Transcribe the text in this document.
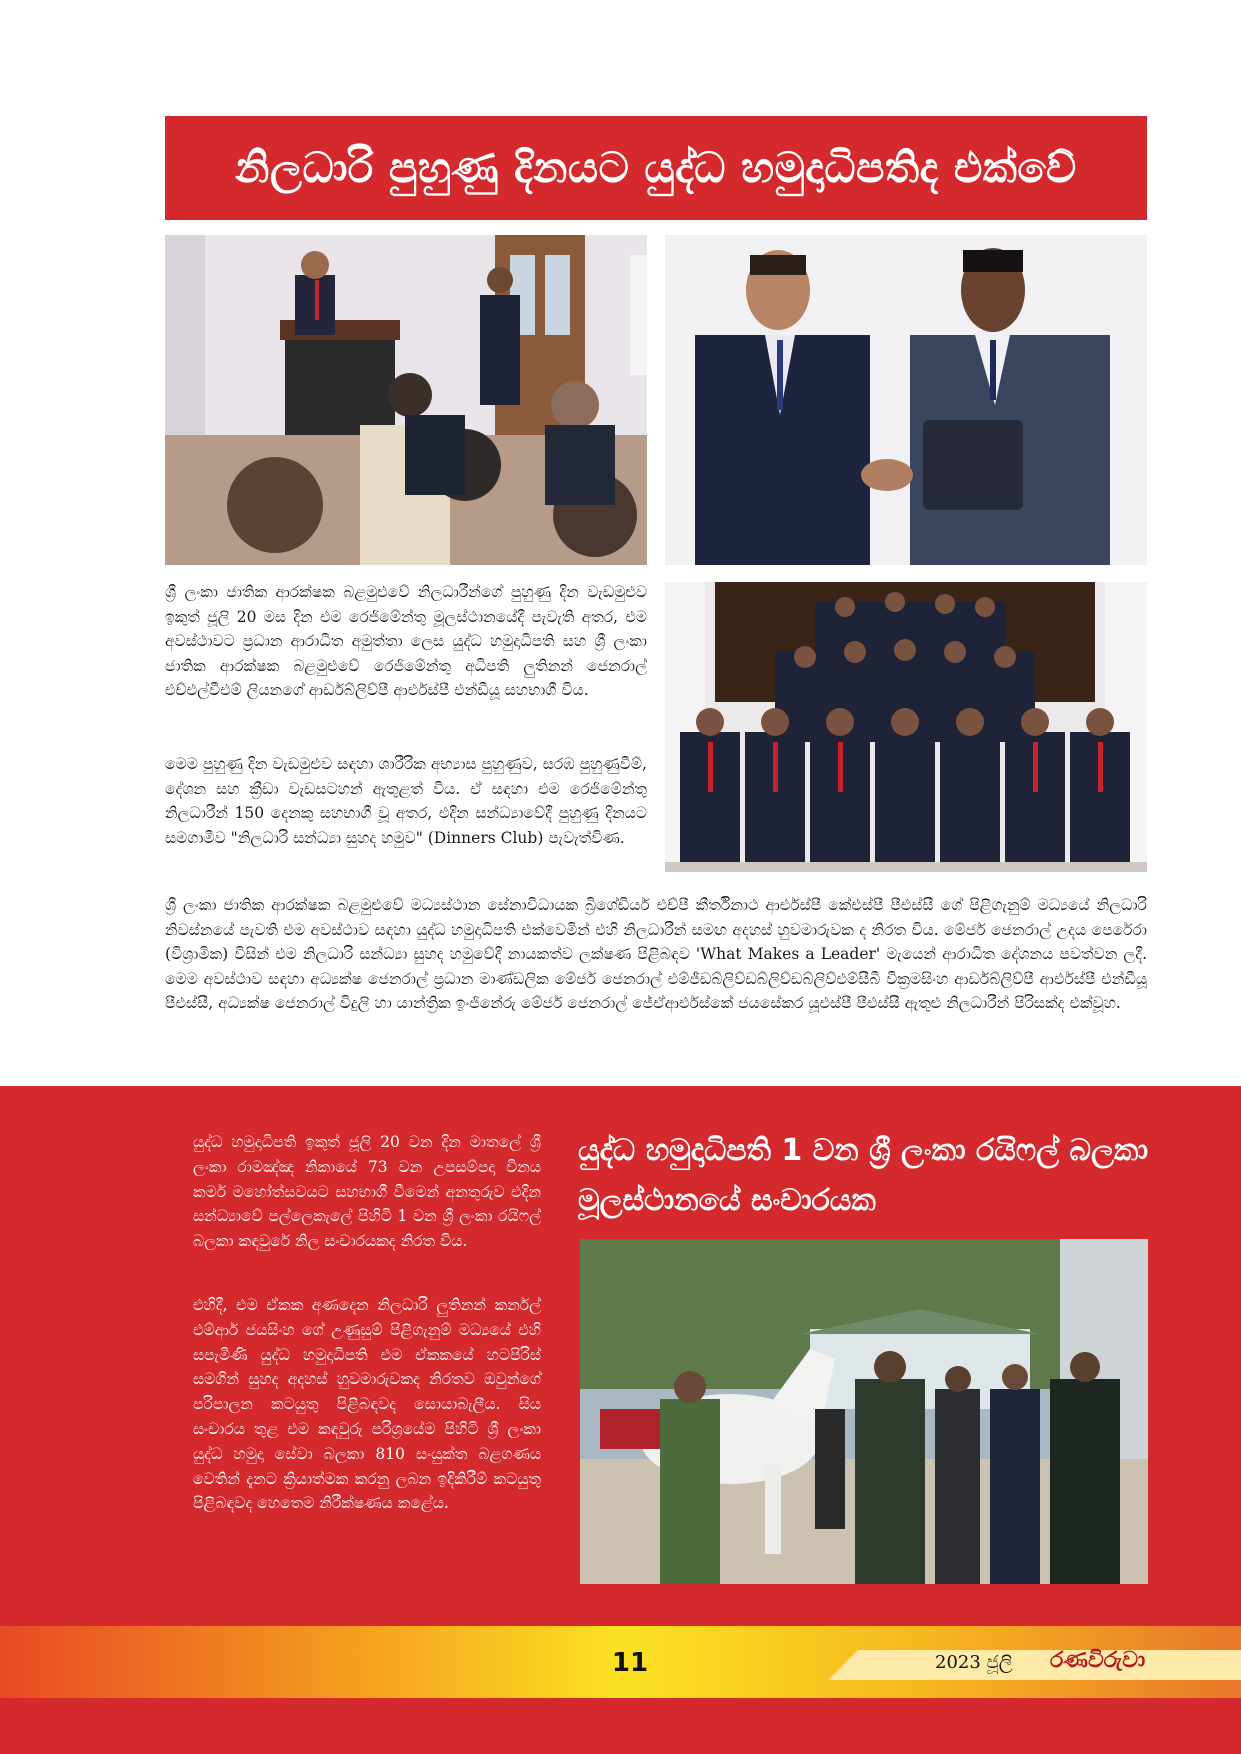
නිලධාරි පුහුණු දිනයට යුද්ධ හමුදාධිපතිද එක්වේ
ශ්‍රී ලංකා ජාතික ආරක්ෂක බළමුළුවේ නිලධාරීන්ගේ පුහුණු දින වැඩමුළුව ඉකුත් ජූලි 20 මස දින එම රෙජිමේන්තු මූලස්ථානයේදී පැවැති අතර, එම අවස්ථාවට ප්‍රධාන ආරාධිත අමුත්තා ලෙස යුද්ධ හමුදාධිපති සහ ශ්‍රී ලංකා ජාතික ආරක්ෂක බළමුළුවේ රෙජිමේන්තු අධිපති ලුතිනන් ජෙනරාල් එච්එල්වීඑම් ලියනගේ ආර්ඩබ්ලිව්පී ආර්එස්පී එන්ඩීයූ සහභාගී විය.
මෙම පුහුණු දින වැඩමුළුව සඳහා ශාරීරික අභ්‍යාස පුහුණුව, සරඹ පුහුණුවීම්, දේශන සහ ක්‍රීඩා වැඩසටහන් ඇතුළත් විය. ඒ සඳහා එම රෙජිමේන්තු නිලධාරීන් 150 දෙනකු සහභාගී වූ අතර, එදින සන්ධ්‍යාවේදී පුහුණු දිනයට සමගාමීව "නිලධාරි සන්ධ්‍යා සුහද හමුව" (Dinners Club) පැවැත්විණ.
ශ්‍රී ලංකා ජාතික ආරක්ෂක බළමුළුවේ මධ්‍යස්ථාන සේනාවිධායක බ්‍රිගේඩියර් එච්පී කීර්තිනාථ ආර්එස්පී කේඑස්පී පීඑස්සී ගේ පිළිගැනුම් මධ්‍යයේ නිලධාරි නිවස්නයේ පැවති එම අවස්ථාව සඳහා යුද්ධ හමුදාධිපති එක්වෙමින් එහි නිලධාරීන් සමඟ අදහස් හුවමාරුවක ද නිරත විය. මේජර් ජෙනරාල් උදය පෙරේරා (විශ්‍රාමික) විසින් එම නිලධාරි සන්ධ්‍යා සුහද හමුවේදී නායකත්ව ලක්ෂණ පිළිබඳව 'What Makes a Leader' මැයෙන් ආරාධිත දේශනය පවත්වන ලදී. මෙම අවස්ථාව සඳහා අධ්‍යක්ෂ ජෙනරාල් ප්‍රධාන මාණ්ඩලික මේජර් ජෙනරාල් එම්ජීඩබ්ලිව්ඩබ්ලිව්ඩබ්ලිව්එම්සීබී වික්‍රමසිංහ ආර්ඩබ්ලිව්පී ආර්එස්පී එන්ඩීයූ පීඑස්සී, අධ්‍යක්ෂ ජෙනරාල් විදුලි හා යාන්ත්‍රික ඉංජිනේරු මේජර් ජෙනරාල් ජේඒආර්එස්කේ ජයසේකර යූඑස්පී පීඑස්සී ඇතුළු නිලධාරීන් පිරිසක්ද එක්වූහ.
යුද්ධ හමුදාධිපති ඉකුත් ජූලි 20 වන දින මාතලේ ශ්‍රී ලංකා රාමඤ්ඤ නිකායේ 73 වන උපසම්පදා විනය කර්ම මහෝත්සවයට සහභාගී වීමෙන් අනතුරුව එදින සන්ධ්‍යාවේ පල්ලෙකැලේ පිහිටි 1 වන ශ්‍රී ලංකා රයිෆල් බලකා කඳවුරේ නිල සංචාරයකද නිරත විය.
එහිදී, එම ඒකක අණදෙන නිලධාරි ලුතිනන් කර්නල් එම්ආර් ජයසිංහ ගේ උණුසුම් පිළිගැනුම් මධ්‍යයේ එහි සපැමිණි යුද්ධ හමුදාධිපති එම ඒකකයේ හටපිරිස් සමගින් සුහද අදහස් හුවමාරුවකද නිරතව ඔවුන්ගේ පරිපාලන කටයුතු පිළිබඳවද සොයාබැලීය. සිය සංචාරය තුළ එම කඳවුරු පරිශ්‍රයේම පිහිටි ශ්‍රී ලංකා යුද්ධ හමුදා සේවා බලකා 810 සංයුක්ත බළගණය වෙතින් දැනට ක්‍රියාත්මක කරනු ලබන ඉදිකිරීම් කටයුතු පිළිබඳවද හෙතෙම නිරීක්ෂණය කළේය.
යුද්ධ හමුදාධිපති 1 වන ශ්‍රී ලංකා රයිෆල් බලකා මූලස්ථානයේ සංචාරයක
11	2023 ජූලි රණවිරුවා
